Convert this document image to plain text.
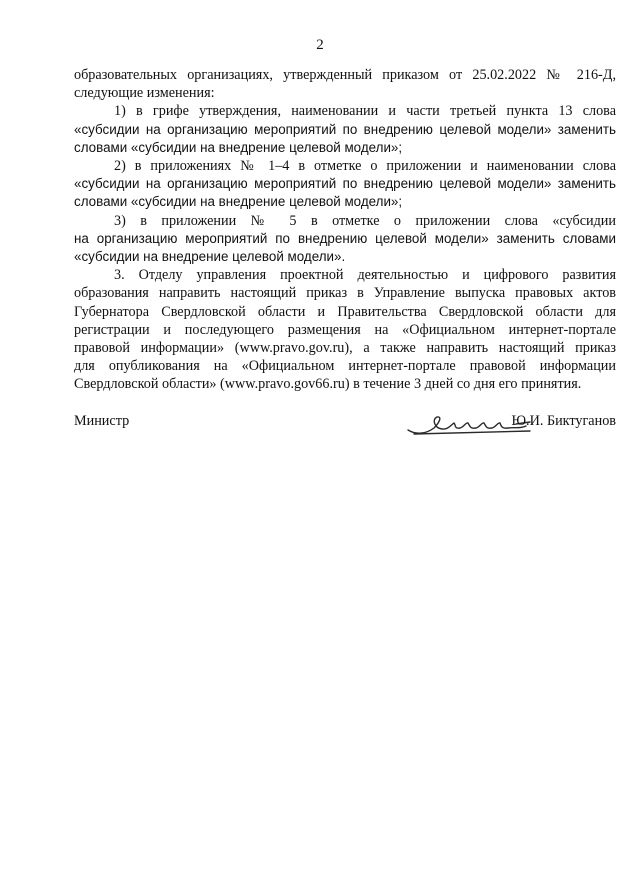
2

образовательных организациях, утвержденный приказом от 25.02.2022 № 216-Д,

следующие изменения:

1) в грифе утверждения, наименовании и части третьей пункта 13 слова

«субсидии на организацию мероприятий по внедрению целевой модели» заменить

словами «субсидии на внедрение целевой модели»;

2) в приложениях № 1–4 в отметке о приложении и наименовании слова

«субсидии на организацию мероприятий по внедрению целевой модели» заменить

словами «субсидии на внедрение целевой модели»;

3) в приложении № 5 в отметке о приложении слова «субсидии

на организацию мероприятий по внедрению целевой модели» заменить словами

«субсидии на внедрение целевой модели».

3. Отделу управления проектной деятельностью и цифрового развития

образования направить настоящий приказ в Управление выпуска правовых актов

Губернатора Свердловской области и Правительства Свердловской области для

регистрации и последующего размещения на «Официальном интернет-портале

правовой информации» (www.pravo.gov.ru), а также направить настоящий приказ

для опубликования на «Официальном интернет-портале правовой информации

Свердловской области» (www.pravo.gov66.ru) в течение 3 дней со дня его принятия.

Министр	Ю.И. Биктуганов
